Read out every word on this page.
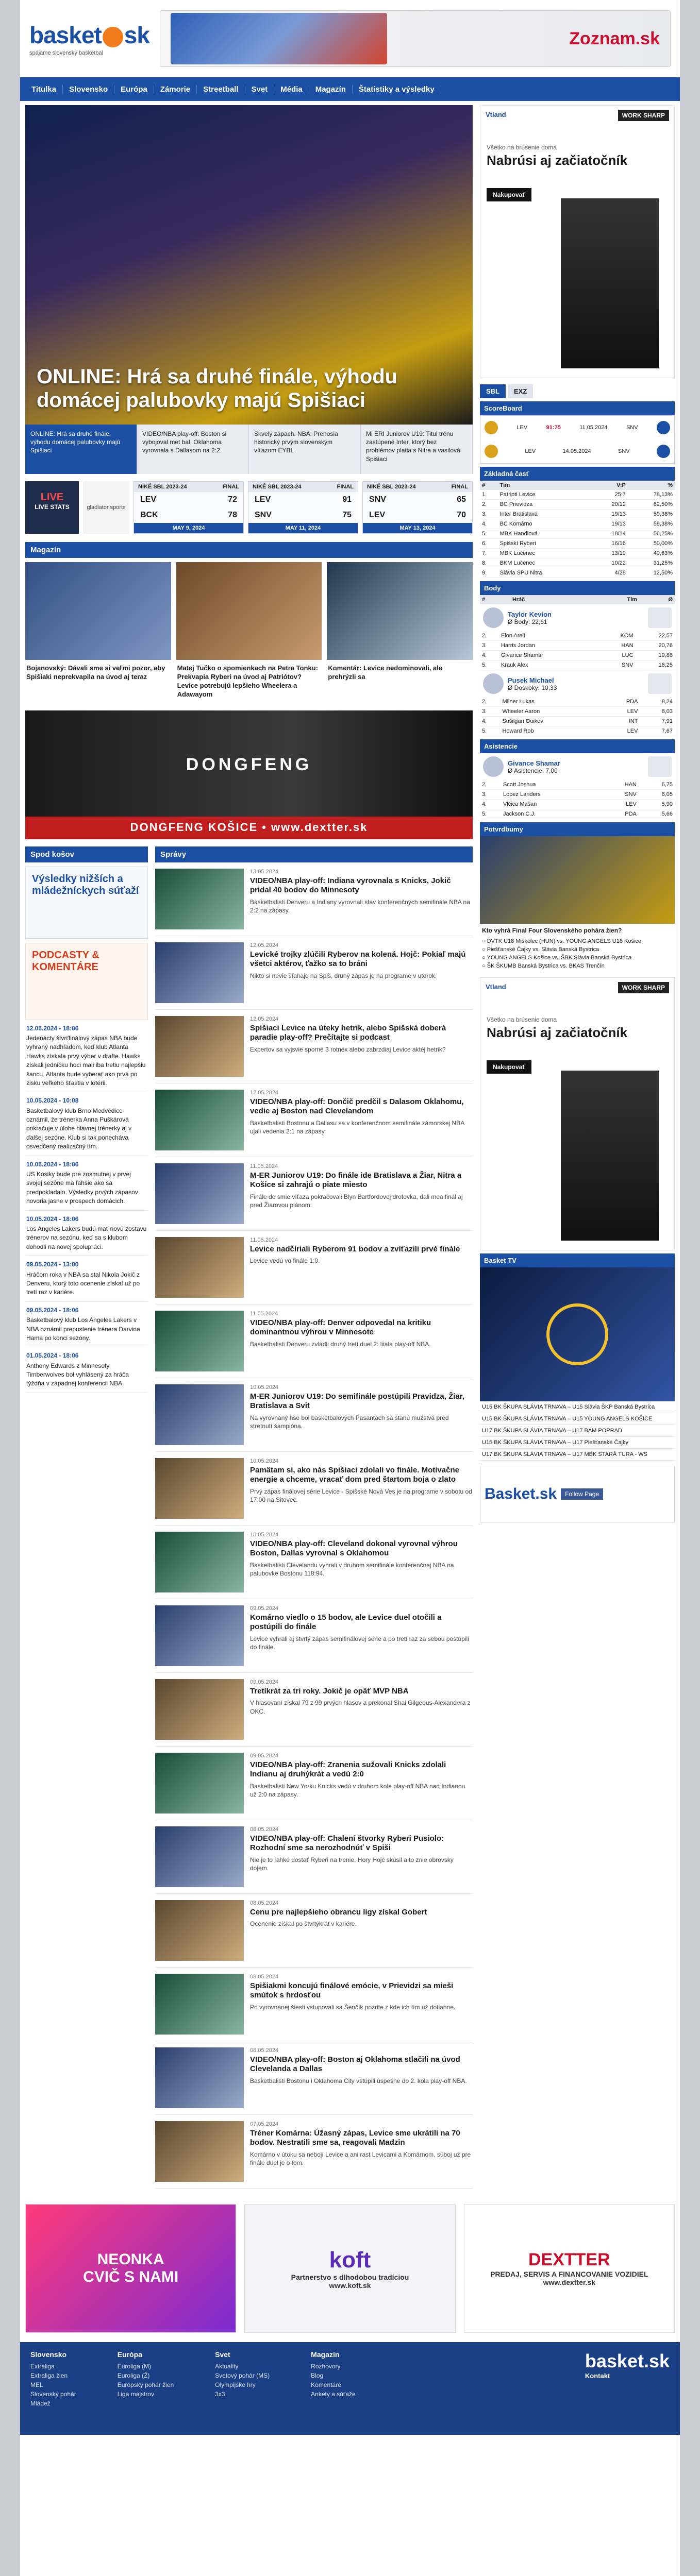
basket sk
spájame slovenský basketbal
Zoznam.sk
Titulka	Slovensko	Európa	Zámorie	Streetball	Svet	Média	Magazín	Štatistiky a výsledky
ONLINE: Hrá sa druhé finále, výhodu domácej palubovky majú Spišiaci
ONLINE: Hrá sa druhé finále, výhodu domácej palubovky majú Spišiaci
VIDEO/NBA play-off: Boston si vybojoval met bal, Oklahoma vyrovnala s Dallasom na 2:2
Skvelý zápach. NBA: Prenosia historický prvým slovenským víťazom EYBL
Mi ERI Juniorov U19: Titul trénu zastúpené Inter, ktorý bez problémov platia s Nitra a vasilová Spišiaci
LIVE
LIVE STATS	gladiator sports
NIKÉ SBL 2023-24	FINAL
LEV	72
BCK	78
MAY 9, 2024
NIKÉ SBL 2023-24	FINAL
LEV	91
SNV	75
MAY 11, 2024
NIKÉ SBL 2023-24	FINAL
SNV	65
LEV	70
MAY 13, 2024
Magazín
Bojanovský: Dávali sme si veľmi pozor, aby Spišiaki neprekvapila na úvod aj teraz
Matej Tučko o spomienkach na Petra Tonku: Prekvapia Ryberi na úvod aj Patriótov? Levice potrebujú lepšieho Wheelera a Adawayom
Komentár: Levice nedominovali, ale prehrýzli sa
DONGFENG
DONGFENG KOŠICE • www.dextter.sk
Spod košov
Výsledky nižších a mládežníckych súťaží
PODCASTY & KOMENTÁRE
12.05.2024 - 18:06
Jedenácty štvrťfinálový zápas NBA bude vyhraný nadhľadom, keď klub Atlanta Hawks získala prvý výber v drafte. Hawks získali jedničku hoci mali iba tretiu najlepšiu šancu. Atlanta bude vyberať ako prvá po zisku veľkého šťastia v lotérii.
10.05.2024 - 10:08
Basketbalový klub Brno Medvědice oznámil, že trénerka Anna Puškárová pokračuje v úlohe hlavnej trénerky aj v ďalšej sezóne. Klub si tak ponecháva osvedčený realizačný tím.
10.05.2024 - 18:06
US Kosiky bude pre zosmutnej v prvej svojej sezóne ma ľahšie ako sa predpokladalo. Výsledky prvých zápasov hovoria jasne v prospech domácich.
10.05.2024 - 18:06
Los Angeles Lakers budú mať novú zostavu trénerov na sezónu, keď sa s klubom dohodli na novej spolupráci.
09.05.2024 - 13:00
Hráčom roka v NBA sa stal Nikola Jokič z Denveru, ktorý toto ocenenie získal už po tretí raz v kariére.
09.05.2024 - 18:06
Basketbalový klub Los Angeles Lakers v NBA oznámil prepustenie trénera Darvina Hama po konci sezóny.
01.05.2024 - 18:06
Anthony Edwards z Minnesoty Timberwolves bol vyhlásený za hráča týždňa v západnej konferencii NBA.
Správy
13.05.2024
VIDEO/NBA play-off: Indiana vyrovnala s Knicks, Jokič pridal 40 bodov do Minnesoty
Basketbalisti Denveru a Indiany vyrovnali stav konferenčných semifinále NBA na 2:2 na zápasy.
12.05.2024
Levické trojky zlúčili Ryberov na kolená. Hojč: Pokiaľ majú všetci aktérov, ťažko sa to bráni
Nikto si nevie šľahaje na Spiš, druhý zápas je na programe v utorok.
12.05.2024
Spišiaci Levice na úteky hetrik, alebo Spišská doberá paradie play-off? Prečítajte si podcast
Expertov sa vyjsvie sporné 3 rotnex alebo zabrzdiaj Levice aktéj hetrik?
12.05.2024
VIDEO/NBA play-off: Dončič predčil s Dalasom Oklahomu, vedie aj Boston nad Clevelandom
Basketbalisti Bostonu a Dallasu sa v konferenčnom semifinále zámorskej NBA ujali vedenia 2:1 na zápasy.
11.05.2024
M-ER Juniorov U19: Do finále ide Bratislava a Žiar, Nitra a Košice si zahrajú o piate miesto
Finále do smie víťaza pokračovali Blyn Bartfordovej drotovka, dali mea finál aj pred Žiarovou plánom.
11.05.2024
Levice nadčíriali Ryberom 91 bodov a zvíťazili prvé finále
Levice vedú vo finále 1:0.
11.05.2024
VIDEO/NBA play-off: Denver odpovedal na kritiku dominantnou výhrou v Minnesote
Basketbalisti Denveru zvládli druhý tretí duel 2: liiala play-off NBA.
10.05.2024
M-ER Juniorov U19: Do semifinále postúpili Pravidza, Žiar, Bratislava a Svit
Na vyrovnaný hše bol basketbalových Pasantách sa stanú mužstvá pred stretnutí šampióna.
10.05.2024
Pamätam si, ako nás Spišiaci zdolali vo finále. Motivačne energie a chceme, vracať dom pred štartom boja o zlato
Prvý zápas finálovej série Levice - Spišské Nová Ves je na programe v sobotu od 17:00 na Sitovec.
10.05.2024
VIDEO/NBA play-off: Cleveland dokonal vyrovnal výhrou Boston, Dallas vyrovnal s Oklahomou
Basketbalisti Clevelandu vyhrali v druhom semifinále konferenčnej NBA na palubovke Bostonu 118:94.
09.05.2024
Komárno viedlo o 15 bodov, ale Levice duel otočili a postúpili do finále
Levice vyhrali aj štvrtý zápas semifinálovej série a po tretí raz za sebou postúpili do finále.
09.05.2024
Tretíkrát za tri roky. Jokič je opäť MVP NBA
V hlasovaní získal 79 z 99 prvých hlasov a prekonal Shai Gilgeous-Alexandera z OKC.
09.05.2024
VIDEO/NBA play-off: Zranenia sužovali Knicks zdolali Indianu aj druhýkrát a vedú 2:0
Basketbalisti New Yorku Knicks vedú v druhom kole play-off NBA nad Indianou už 2:0 na zápasy.
08.05.2024
VIDEO/NBA play-off: Chalení štvorky Ryberi Pusiolo: Rozhodní sme sa nerozhodnúť v Spiši
Nie je to ľahké dostať Ryberi na trenie, Hory Hojč skúsil a to znie obrovsky dojem.
08.05.2024
Cenu pre najlepšieho obrancu ligy získal Gobert
Ocenenie získal po štvrtýkrát v kariére.
08.05.2024
Spišiakmi koncujú finálové emócie, v Prievidzi sa mieši smútok s hrdosťou
Po vyrovnanej šiesti vstupovali sa Šenčík pozrite z kde ich tím už dotiahne.
08.05.2024
VIDEO/NBA play-off: Boston aj Oklahoma stlačili na úvod Clevelanda a Dallas
Basketbalisti Bostonu i Oklahoma City vstúpili úspešne do 2. kola play-off NBA.
07.05.2024
Tréner Komárna: Úžasný zápas, Levice sme ukrátili na 70 bodov. Nestratili sme sa, reagovali Madzin
Komárno v útoku sa nebojí Levice a ani rast Levicami a Komárnom, súboj už pre finále duel je o tom.
Vtland	WORK SHARP
Všetko na brúsenie doma
Nabrúsi aj začiatočník
Nakupovať
SBL	EXZ
ScoreBoard
LEV	91:75	11.05.2024	SNV
LEV	14.05.2024	SNV
Základná časť
#	Tím	V:P	%
1.	Patrioti Levice	25:7	78,13%
2.	BC Prievidza	20/12	62,50%
3.	Inter Bratislava	19/13	59,38%
4.	BC Komárno	19/13	59,38%
5.	MBK Handlová	18/14	56,25%
6.	Spišskí Ryberi	16/16	50,00%
7.	MBK Lučenec	13/19	40,63%
8.	BKM Lučenec	10/22	31,25%
9.	Slávia SPU Nitra	4/28	12,50%
Body
#	Hráč	Tím	Ø
Taylor Kevion
Ø Body: 22,61
2.	Elon Arell	KOM	22,57
3.	Harris Jordan	HAN	20,76
4.	Givance Shamar	LUC	19,88
5.	Krauk Alex	SNV	16,25
Pusek Michael
Ø Doskoky: 10,33
2.	Milner Lukas	PDA	8,24
3.	Wheeler Aaron	LEV	8,03
4.	Sušilgan Ouikov	INT	7,91
5.	Howard Rob	LEV	7,67
Asistencie
Givance Shamar
Ø Asistencie: 7,00
2.	Scott Joshua	HAN	6,75
3.	Lopez Landers	SNV	6,05
4.	Vlčica Mašan	LEV	5,90
5.	Jackson C.J.	PDA	5,66
Potvrdbumy
Kto vyhrá Final Four Slovenského pohára žien?
○ DVTK U18 Miškolec (HUN) vs. YOUNG ANGELS U18 Košice
○ Piešťanské Čajky vs. Slávia Banská Bystrica
○ YOUNG ANGELS Košice vs. ŠBK Slávia Banská Bystrica
○ ŠK ŠKUMB Banská Bystrica vs. BKAS Trenčín
Vtland	WORK SHARP
Všetko na brúsenie doma
Nabrúsi aj začiatočník
Nakupovať
Basket TV
U15 BK ŠKUPA SLÁVIA TRNAVA – U15 Slávia ŠKP Banská Bystrica
U15 BK ŠKUPA SLÁVIA TRNAVA – U15 YOUNG ANGELS KOŠICE
U17 BK ŠKUPA SLÁVIA TRNAVA – U17 BAM POPRAD
U15 BK ŠKUPA SLÁVIA TRNAVA – U17 Piešťanské Čajky
U17 BK ŠKUPA SLÁVIA TRNAVA – U17 MBK STARÁ TURA - WS
Basket.sk	Follow Page
NEONKA
CVIČ S NAMI
koft
Partnerstvo s dlhodobou tradíciou
www.koft.sk
DEXTTER
PREDAJ, SERVIS A FINANCOVANIE VOZIDIEL
www.dextter.sk
Slovensko
Extraliga
Extraliga žien
MEL
Slovenský pohár
Mládež
Európa
Euroliga (M)
Euroliga (Ž)
Európsky pohár žien
Liga majstrov
Svet
Aktuality
Svetový pohár (MS)
Olympijské hry
3x3
Magazín
Rozhovory
Blog
Komentáre
Ankety a súťaže
basket.sk
Kontakt
